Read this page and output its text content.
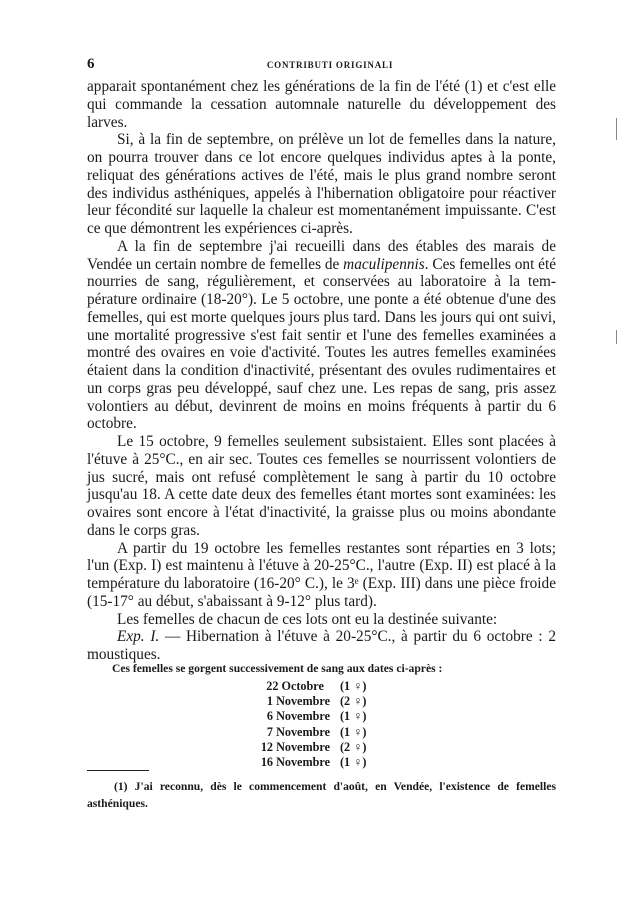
6	CONTRIBUTI ORIGINALI

apparait spontanément chez les générations de la fin de l'été (1) et c'est elle qui commande la cessation automnale naturelle du développement des larves.

Si, à la fin de septembre, on prélève un lot de femelles dans la nature, on pourra trouver dans ce lot encore quelques individus aptes à la ponte, reliquat des générations actives de l'été, mais le plus grand nombre seront des individus asthéniques, appelés à l'hibernation obligatoire pour réactiver leur fécondité sur laquelle la chaleur est momentanément impuissante. C'est ce que démontrent les expériences ci-après.

A la fin de septembre j'ai recueilli dans des étables des marais de Vendée un certain nombre de femelles de maculipennis. Ces femelles ont été nourries de sang, régulièrement, et conservées au laboratoire à la température ordinaire (18-20°). Le 5 octobre, une ponte a été obtenue d'une des femelles, qui est morte quelques jours plus tard. Dans les jours qui ont suivi, une mortalité progressive s'est fait sentir et l'une des femelles examinées a montré des ovaires en voie d'activité. Toutes les autres femelles examinées étaient dans la condition d'inactivité, présentant des ovules rudimentaires et un corps gras peu développé, sauf chez une. Les repas de sang, pris assez volontiers au début, devinrent de moins en moins fréquents à partir du 6 octobre.

Le 15 octobre, 9 femelles seulement subsistaient. Elles sont placées à l'étuve à 25°C., en air sec. Toutes ces femelles se nourrissent volontiers de jus sucré, mais ont refusé complètement le sang à partir du 10 octobre jusqu'au 18. A cette date deux des femelles étant mortes sont examinées: les ovaires sont encore à l'état d'inactivité, la graisse plus ou moins abondante dans le corps gras.

A partir du 19 octobre les femelles restantes sont réparties en 3 lots; l'un (Exp. I) est maintenu à l'étuve à 20-25°C., l'autre (Exp. II) est placé à la température du laboratoire (16-20° C.), le 3ᵉ (Exp. III) dans une pièce froide (15-17° au début, s'abaissant à 9-12° plus tard).

Les femelles de chacun de ces lots ont eu la destinée suivante:

Exp. I. — Hibernation à l'étuve à 20-25°C., à partir du 6 octobre : 2 moustiques.

Ces femelles se gorgent successivement de sang aux dates ci-après :
22 Octobre (1 ♀)
1 Novembre (2 ♀)
6 Novembre (1 ♀)
7 Novembre (1 ♀)
12 Novembre (2 ♀)
16 Novembre (1 ♀)

(1) J'ai reconnu, dès le commencement d'août, en Vendée, l'existence de femelles asthéniques.
